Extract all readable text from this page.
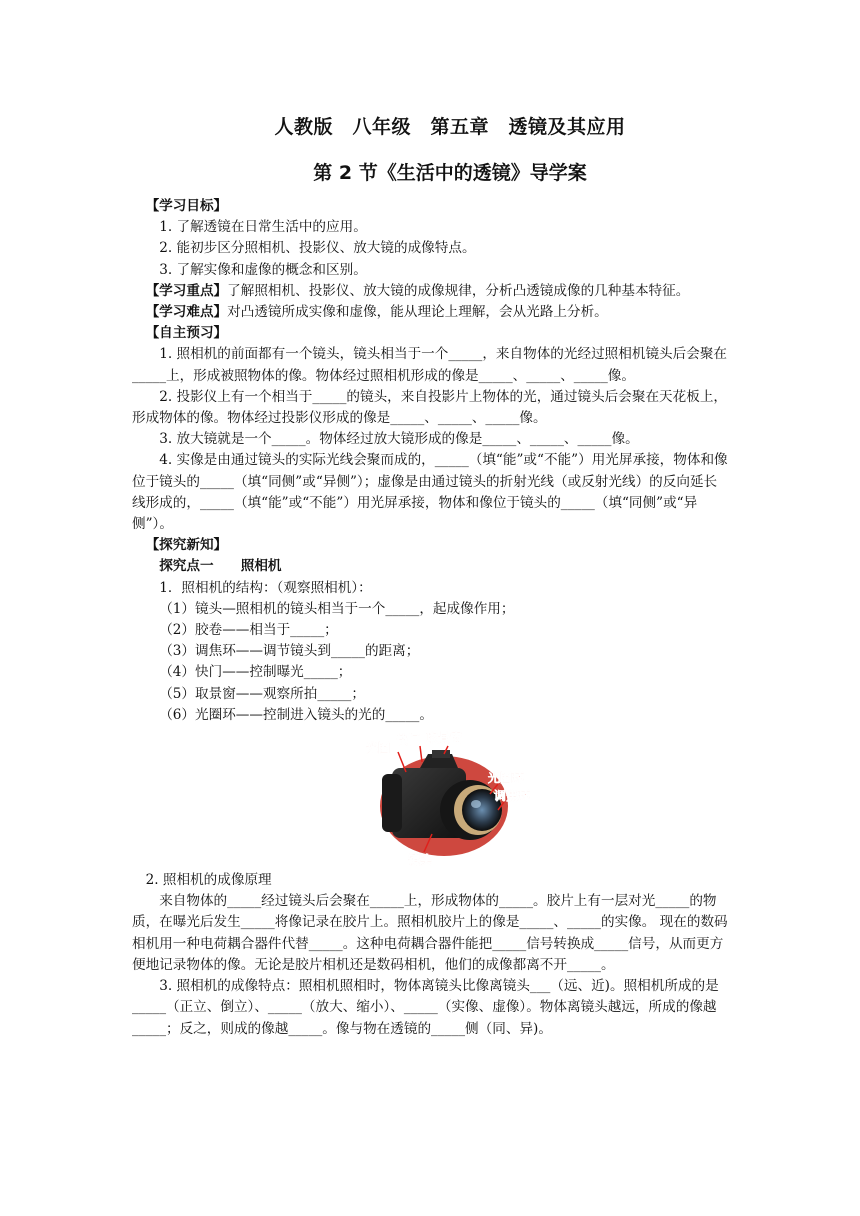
人教版　八年级　第五章　透镜及其应用
第 2 节《生活中的透镜》导学案

【学习目标】

1. 了解透镜在日常生活中的应用。

2. 能初步区分照相机、投影仪、放大镜的成像特点。

3. 了解实像和虚像的概念和区别。

【学习重点】了解照相机、投影仪、放大镜的成像规律，分析凸透镜成像的几种基本特征。

【学习难点】对凸透镜所成实像和虚像，能从理论上理解，会从光路上分析。

【自主预习】

1. 照相机的前面都有一个镜头，镜头相当于一个_____，来自物体的光经过照相机镜头后会聚在_____上，形成被照物体的像。物体经过照相机形成的像是_____、_____、_____像。

2. 投影仪上有一个相当于_____的镜头，来自投影片上物体的光，通过镜头后会聚在天花板上，形成物体的像。物体经过投影仪形成的像是_____、_____、_____像。

3. 放大镜就是一个_____。物体经过放大镜形成的像是_____、_____、_____像。

4. 实像是由通过镜头的实际光线会聚而成的，_____（填“能”或“不能”）用光屏承接，物体和像位于镜头的_____（填“同侧”或“异侧”）；虚像是由通过镜头的折射光线（或反射光线）的反向延长线形成的，_____（填“能”或“不能”）用光屏承接，物体和像位于镜头的_____（填“同侧”或“异侧”）。

【探究新知】

探究点一 照相机

1．照相机的结构：（观察照相机）：

（1）镜头—照相机的镜头相当于一个_____，起成像作用；

（2）胶卷——相当于_____；

（3）调焦环——调节镜头到_____的距离；

（4）快门——控制曝光_____；

（5）取景窗——观察所拍_____；

（6）光圈环——控制进入镜头的光的_____。

光圈
快门 取景窗
光圈环
调焦环
镜头

2. 照相机的成像原理

来自物体的_____经过镜头后会聚在_____上，形成物体的_____。胶片上有一层对光_____的物质，在曝光后发生_____将像记录在胶片上。照相机胶片上的像是_____、_____的实像。 现在的数码相机用一种电荷耦合器件代替_____。这种电荷耦合器件能把_____信号转换成_____信号，从而更方便地记录物体的像。无论是胶片相机还是数码相机，他们的成像都离不开_____。

3. 照相机的成像特点：照相机照相时，物体离镜头比像离镜头___（远、近)。照相机所成的是_____（正立、倒立）、_____（放大、缩小）、_____（实像、虚像）。物体离镜头越远，所成的像越_____；反之，则成的像越_____。像与物在透镜的_____侧（同、异)。
